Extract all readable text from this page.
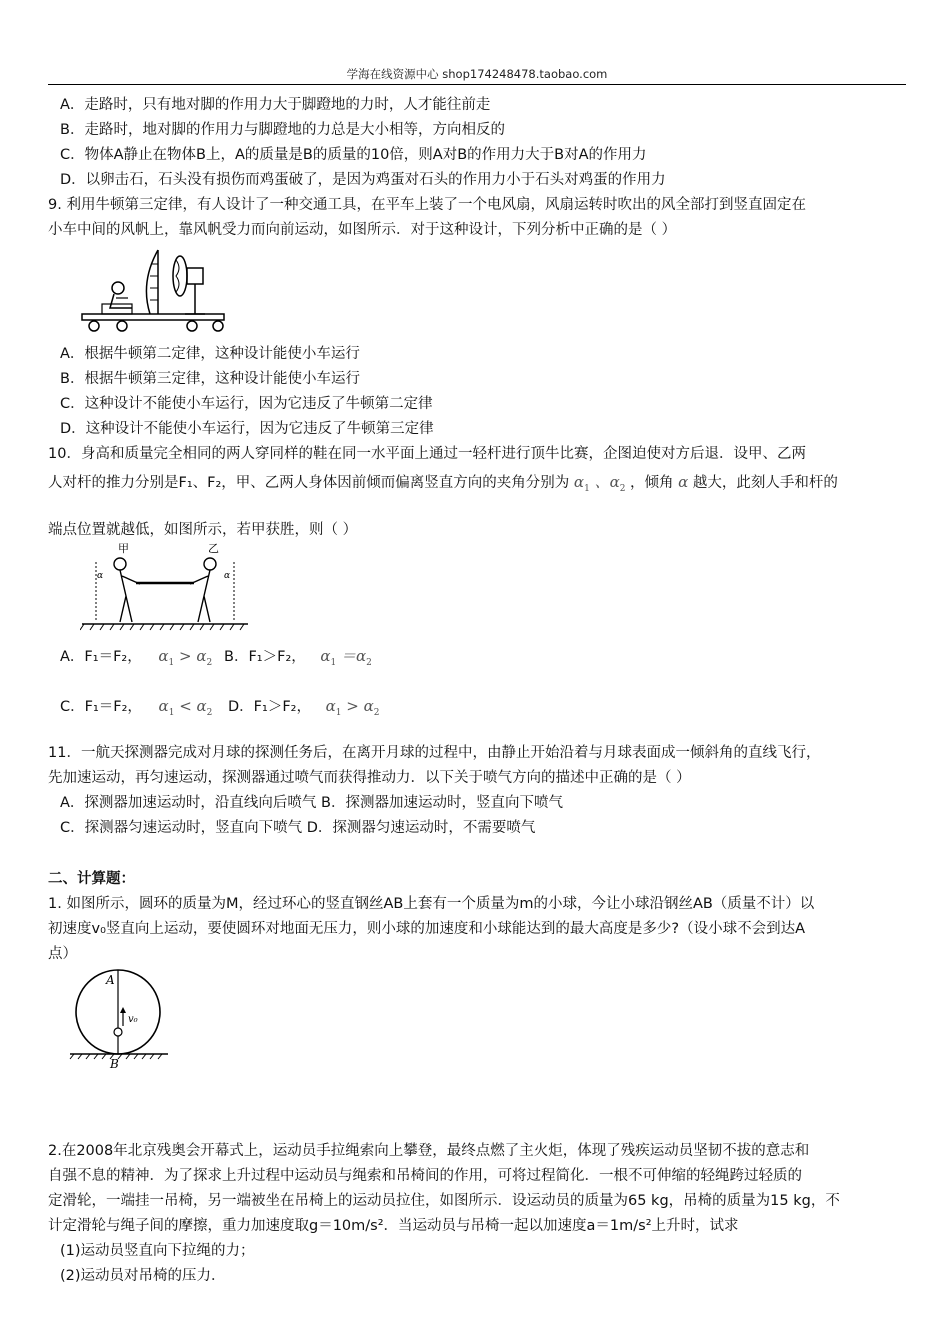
学海在线资源中心 shop174248478.taobao.com
A．走路时，只有地对脚的作用力大于脚蹬地的力时，人才能往前走
B．走路时，地对脚的作用力与脚蹬地的力总是大小相等，方向相反的
C．物体A静止在物体B上，A的质量是B的质量的10倍，则A对B的作用力大于B对A的作用力
D．以卵击石，石头没有损伤而鸡蛋破了，是因为鸡蛋对石头的作用力小于石头对鸡蛋的作用力
9. 利用牛顿第三定律，有人设计了一种交通工具，在平车上装了一个电风扇，风扇运转时吹出的风全部打到竖直固定在
小车中间的风帆上，靠风帆受力而向前运动，如图所示．对于这种设计，下列分析中正确的是（ ）
A．根据牛顿第二定律，这种设计能使小车运行
B．根据牛顿第三定律，这种设计能使小车运行
C．这种设计不能使小车运行，因为它违反了牛顿第二定律
D．这种设计不能使小车运行，因为它违反了牛顿第三定律
10．身高和质量完全相同的两人穿同样的鞋在同一水平面上通过一轻杆进行顶牛比赛，企图迫使对方后退．设甲、乙两
人对杆的推力分别是F₁、F₂，甲、乙两人身体因前倾而偏离竖直方向的夹角分别为 $\alpha_1$ 、$\alpha_2$ ，倾角 α 越大，此刻人手和杆的
端点位置就越低，如图所示，若甲获胜，则（ ）
甲	乙
α	α
A．F₁＝F₂， $\alpha_1 > \alpha_2$ B．F₁＞F₂， $\alpha_1 =\alpha_2$
C．F₁＝F₂， $\alpha_1 < \alpha_2$ D．F₁＞F₂， $\alpha_1 > \alpha_2$
11．一航天探测器完成对月球的探测任务后，在离开月球的过程中，由静止开始沿着与月球表面成一倾斜角的直线飞行，
先加速运动，再匀速运动，探测器通过喷气而获得推动力．以下关于喷气方向的描述中正确的是（ ）
A．探测器加速运动时，沿直线向后喷气 B．探测器加速运动时，竖直向下喷气
C．探测器匀速运动时，竖直向下喷气 D．探测器匀速运动时，不需要喷气
二、计算题：
1. 如图所示，圆环的质量为M，经过环心的竖直钢丝AB上套有一个质量为m的小球，今让小球沿钢丝AB（质量不计）以
初速度v₀竖直向上运动，要使圆环对地面无压力，则小球的加速度和小球能达到的最大高度是多少?（设小球不会到达A
点）
A
v₀
B
2.在2008年北京残奥会开幕式上，运动员手拉绳索向上攀登，最终点燃了主火炬，体现了残疾运动员坚韧不拔的意志和
自强不息的精神．为了探求上升过程中运动员与绳索和吊椅间的作用，可将过程简化．一根不可伸缩的轻绳跨过轻质的
定滑轮，一端挂一吊椅，另一端被坐在吊椅上的运动员拉住，如图所示．设运动员的质量为65 kg，吊椅的质量为15 kg，不
计定滑轮与绳子间的摩擦，重力加速度取g＝10m/s²．当运动员与吊椅一起以加速度a＝1m/s²上升时，试求
(1)运动员竖直向下拉绳的力；
(2)运动员对吊椅的压力．
